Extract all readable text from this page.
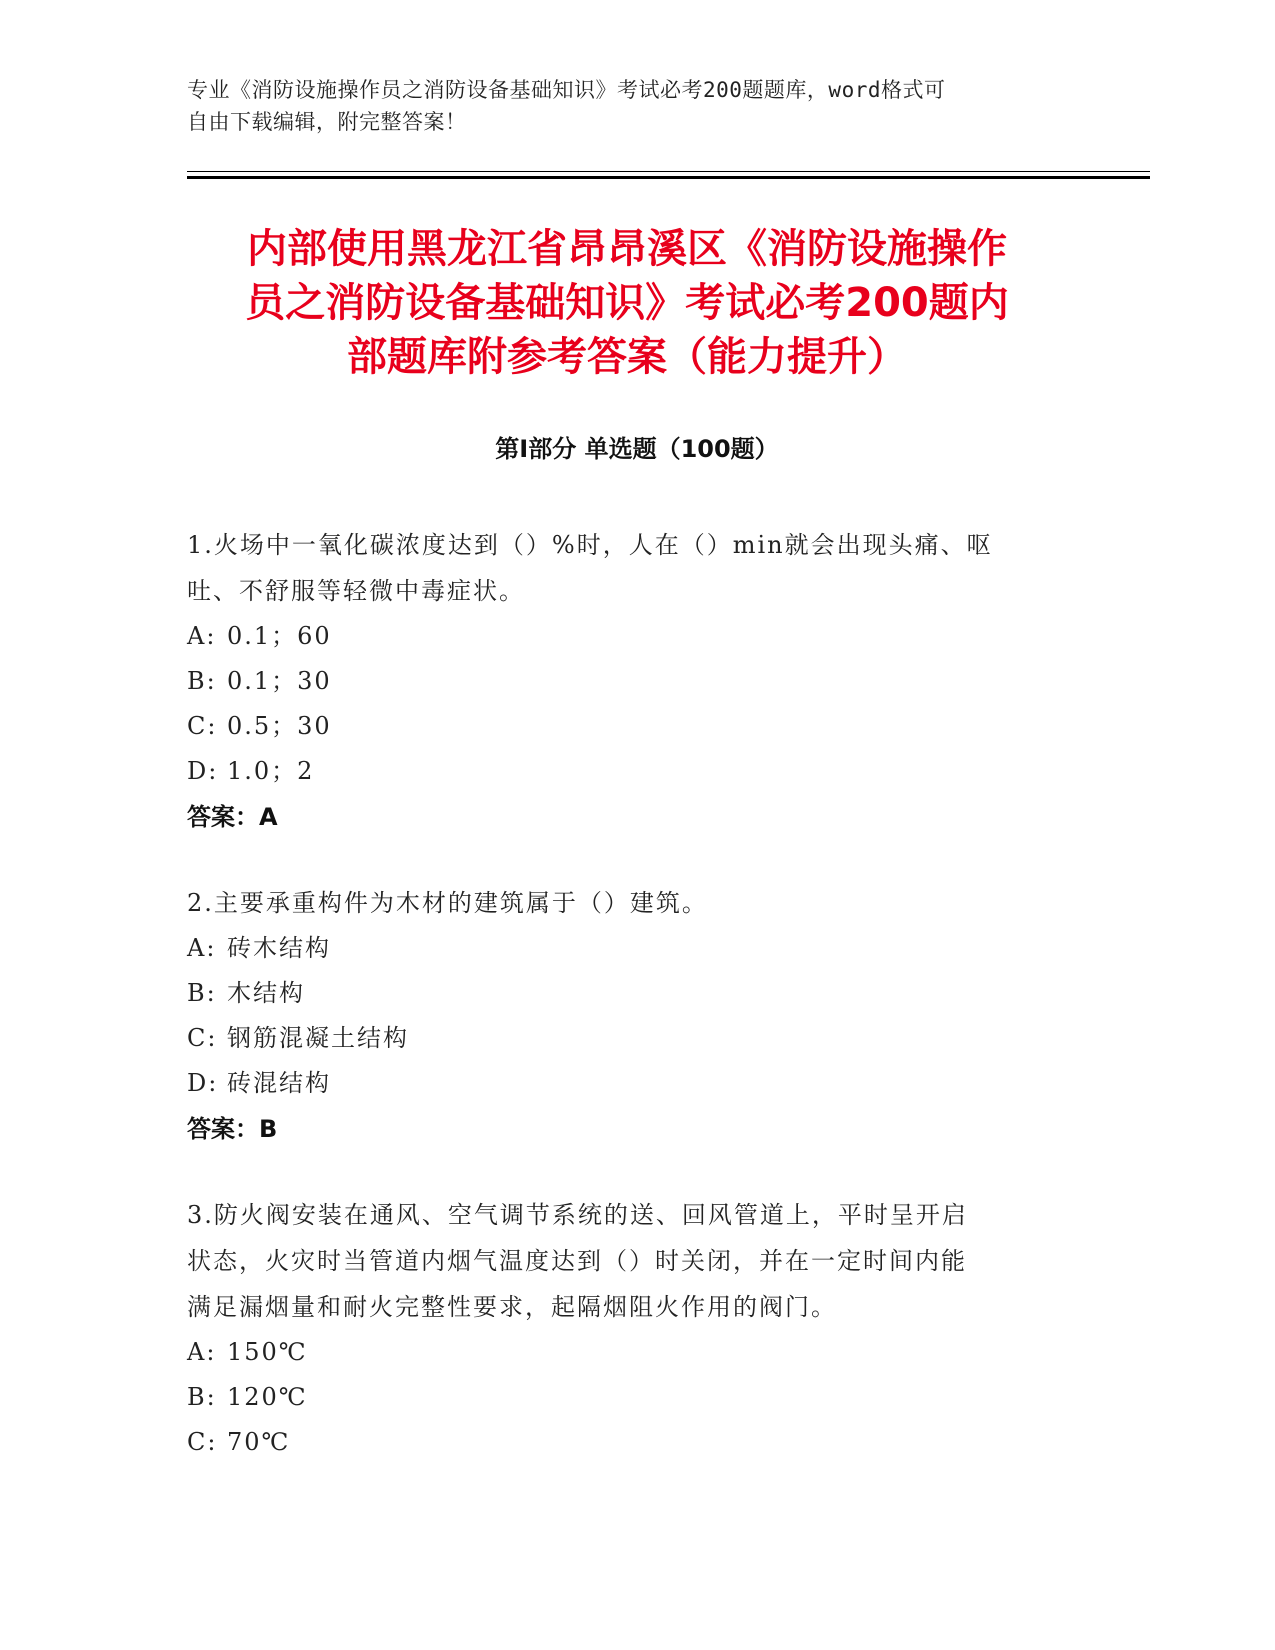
专业《消防设施操作员之消防设备基础知识》考试必考200题题库，word格式可
自由下载编辑，附完整答案！
内部使用黑龙江省昂昂溪区《消防设施操作
员之消防设备基础知识》考试必考200题内
部题库附参考答案（能力提升）
第I部分 单选题（100题）
1.火场中一氧化碳浓度达到（）%时，人在（）min就会出现头痛、呕
吐、不舒服等轻微中毒症状。
A: 0.1；60
B: 0.1；30
C: 0.5；30
D: 1.0；2
答案：A
2.主要承重构件为木材的建筑属于（）建筑。
A: 砖木结构
B: 木结构
C: 钢筋混凝土结构
D: 砖混结构
答案：B
3.防火阀安装在通风、空气调节系统的送、回风管道上，平时呈开启
状态，火灾时当管道内烟气温度达到（）时关闭，并在一定时间内能
满足漏烟量和耐火完整性要求，起隔烟阻火作用的阀门。
A: 150℃
B: 120℃
C: 70℃
